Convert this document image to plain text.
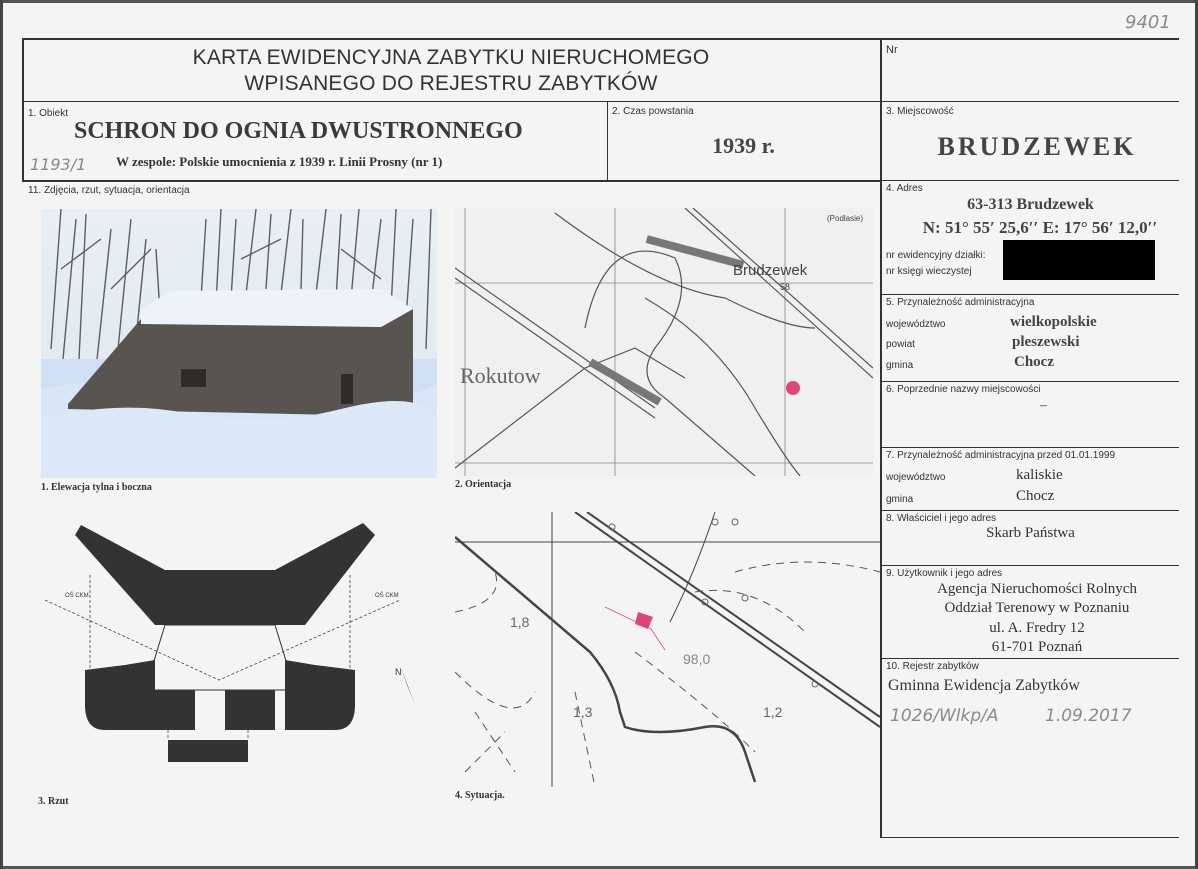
9401
KARTA EWIDENCYJNA ZABYTKU NIERUCHOMEGO
WPISANEGO DO REJESTRU ZABYTKÓW
Nr
1. Obiekt
SCHRON DO OGNIA DWUSTRONNEGO
1193/1 W zespole: Polskie umocnienia z 1939 r. Linii Prosny (nr 1)
2. Czas powstania
1939 r.
3. Miejscowość
BRUDZEWEK
4. Adres
63-313 Brudzewek
N: 51° 55′ 25,6′′ E: 17° 56′ 12,0′′
nr ewidencyjny działki:
nr księgi wieczystej
5. Przynależność administracyjna
województwo	wielkopolskie
powiat	pleszewski
gmina	Chocz
6. Poprzednie nazwy miejscowości
–
7. Przynależność administracyjna przed 01.01.1999
województwo	kaliskie
gmina	Chocz
8. Właściciel i jego adres
Skarb Państwa
9. Użytkownik i jego adres
Agencja Nieruchomości Rolnych
Oddział Terenowy w Poznaniu
ul. A. Fredry 12
61-701 Poznań
10. Rejestr zabytków
Gminna Ewidencja Zabytków
1026/Wlkp/A	1.09.2017
11. Zdjęcia, rzut, sytuacja, orientacja
1. Elewacja tylna i boczna
Rokutow
Brudzewek
58
(Podlasie)
2. Orientacja
OŚ CKM	OŚ CKM
N
3. Rzut
1,8
1,3	1,2
98,0
4. Sytuacja.
